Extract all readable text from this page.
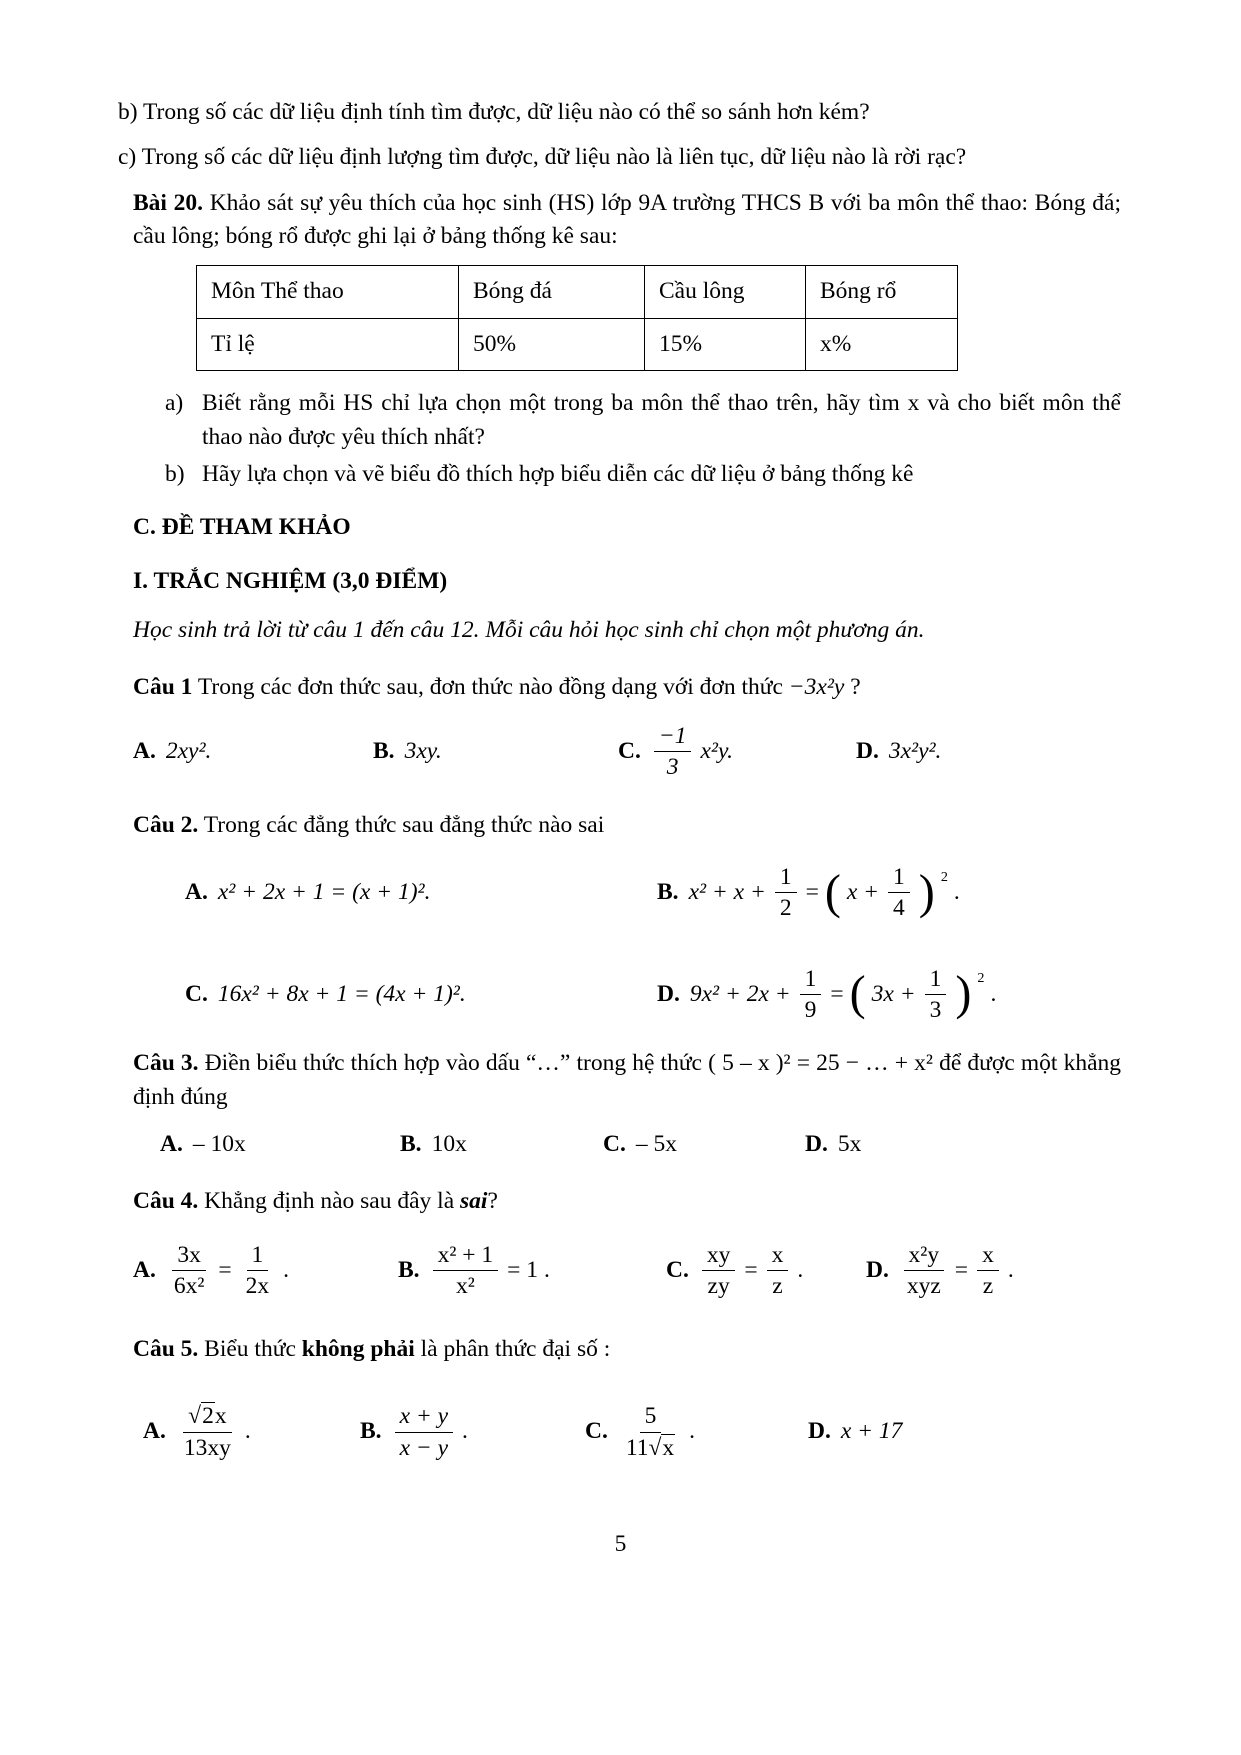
b) Trong số các dữ liệu định tính tìm được, dữ liệu nào có thể so sánh hơn kém?

c) Trong số các dữ liệu định lượng tìm được, dữ liệu nào là liên tục, dữ liệu nào là rời rạc?

Bài 20. Khảo sát sự yêu thích của học sinh (HS) lớp 9A trường THCS B với ba môn thể thao: Bóng đá; cầu lông; bóng rổ được ghi lại ở bảng thống kê sau:

Môn Thể thao	Bóng đá	Cầu lông	Bóng rổ
Tỉ lệ	50%	15%	x%
a) Biết rằng mỗi HS chỉ lựa chọn một trong ba môn thể thao trên, hãy tìm x và cho biết môn thể thao nào được yêu thích nhất?
b) Hãy lựa chọn và vẽ biểu đồ thích hợp biểu diễn các dữ liệu ở bảng thống kê
C. ĐỀ THAM KHẢO
I. TRẮC NGHIỆM (3,0 ĐIỂM)
Học sinh trả lời từ câu 1 đến câu 12. Mỗi câu hỏi học sinh chỉ chọn một phương án.

Câu 1 Trong các đơn thức sau, đơn thức nào đồng dạng với đơn thức −3x²y ?

A. 2xy².	B. 3xy.	C. $\frac{-1}{3} x^2y$.	D. 3x²y².

Câu 2. Trong các đẳng thức sau đẳng thức nào sai

A. x² + 2x + 1 = (x + 1)².	B. $x^2 + x + \frac{1}{2}$ = ( $x + \frac{1}{4}$ ) 2
.
C. 16x² + 8x + 1 = (4x + 1)².	D. $9x^2 + 2x + \frac{1}{9}$ = ( $3x + \frac{1}{3}$ ) 2
.

Câu 3. Điền biểu thức thích hợp vào dấu “…” trong hệ thức ( 5 – x )² = 25 − … + x² để được một khẳng định đúng

A. – 10x	B. 10x	C. – 5x	D. 5x

Câu 4. Khẳng định nào sau đây là sai?

A. $\frac{3x}{\text{6x²}} = \frac{1}{2x}$ .	B. $\frac{\text{x² + 1}}{\text{x²}} = 1$ .	C. $\frac{xy}{zy} = \frac{x}{z}$ .	D. $\frac{\text{x²y}}{\text{xyz}} = \frac{x}{z}$ .

Câu 5. Biểu thức không phải là phân thức đại số :

A. $\frac{√2x}{13xy}$ .	B. $\frac{x + y}{x - y}$ .	C. $\frac{5}{11√x}$ .	D. x + 17
5
